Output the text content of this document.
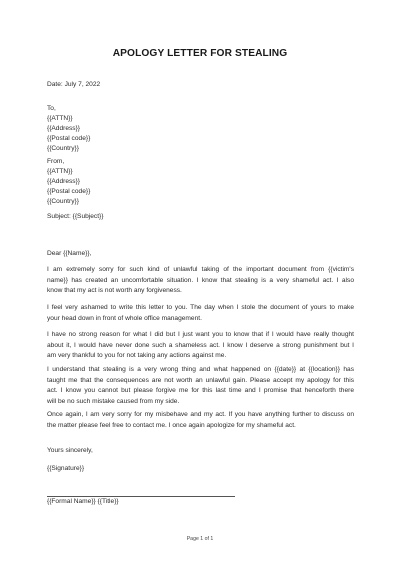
APOLOGY LETTER FOR STEALING
Date: July 7, 2022
To,
{{ATTN}}
{{Address}}
{{Postal code}}
{{Country}}
From,
{{ATTN}}
{{Address}}
{{Postal code}}
{{Country}}
Subject: {{Subject}}
Dear {{Name}},
I am extremely sorry for such kind of unlawful taking of the important document from {{victim's
name}} has created an uncomfortable situation. I know that stealing is a very shameful act. I also
know that my act is not worth any forgiveness.
I feel very ashamed to write this letter to you. The day when I stole the document of yours to make
your head down in front of whole office management.
I have no strong reason for what I did but I just want you to know that if I would have really thought
about it, I would have never done such a shameless act. I know I deserve a strong punishment but I
am very thankful to you for not taking any actions against me.
I understand that stealing is a very wrong thing and what happened on {{date}} at {{location}} has
taught me that the consequences are not worth an unlawful gain. Please accept my apology for this
act. I know you cannot but please forgive me for this last time and I promise that henceforth there
will be no such mistake caused from my side.
Once again, I am very sorry for my misbehave and my act. If you have anything further to discuss on
the matter please feel free to contact me. I once again apologize for my shameful act.
Yours sincerely,
{{Signature}}
{{Formal Name}} {{Title}}
Page 1 of 1
